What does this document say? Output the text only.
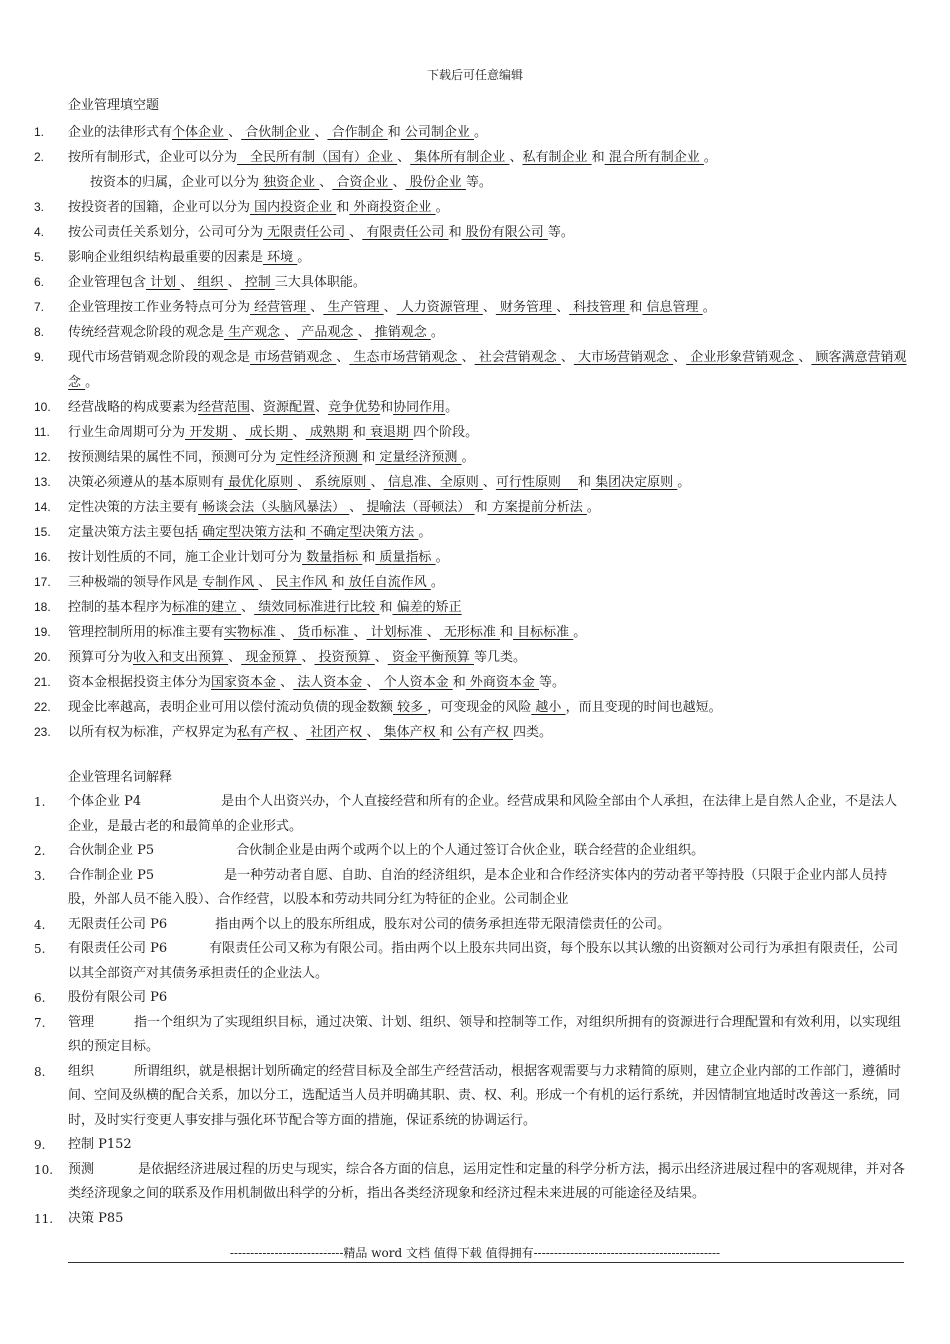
下载后可任意编辑
企业管理填空题
1. 企业的法律形式有个体企业 、 合伙制企业 、 合作制企 和 公司制企业 。
2. 按所有制形式，企业可以分为　全民所有制（国有）企业 、 集体所有制企业 、私有制企业 和 混合所有制企业 。
按资本的归属，企业可以分为 独资企业 、 合资企业 、 股份企业 等。
3. 按投资者的国籍，企业可以分为 国内投资企业 和 外商投资企业 。
4. 按公司责任关系划分，公司可分为 无限责任公司 、 有限责任公司 和 股份有限公司 等。
5. 影响企业组织结构最重要的因素是 环境 。
6. 企业管理包含 计划 、 组织 、 控制 三大具体职能。
7. 企业管理按工作业务特点可分为 经营管理 、 生产管理 、 人力资源管理 、 财务管理 、 科技管理 和 信息管理 。
8. 传统经营观念阶段的观念是 生产观念 、 产品观念 、 推销观念 。
9. 现代市场营销观念阶段的观念是 市场营销观念 、 生态市场营销观念 、 社会营销观念 、 大市场营销观念 、 企业形象营销观念 、 顾客满意营销观念 。
10. 经营战略的构成要素为经营范围、资源配置、竞争优势和协同作用。
11. 行业生命周期可分为 开发期 、 成长期 、 成熟期 和 衰退期 四个阶段。
12. 按预测结果的属性不同，预测可分为 定性经济预测 和 定量经济预测 。
13. 决策必须遵从的基本原则有 最优化原则 、 系统原则 、 信息准、全原则 、可行性原则　 和 集团决定原则 。
14. 定性决策的方法主要有 畅谈会法（头脑风暴法） 、 提喻法（哥顿法） 和 方案提前分析法 。
15. 定量决策方法主要包括 确定型决策方法和 不确定型决策方法 。
16. 按计划性质的不同，施工企业计划可分为 数量指标 和 质量指标 。
17. 三种极端的领导作风是 专制作风 、 民主作风 和 放任自流作风 。
18. 控制的基本程序为标准的建立 、 绩效同标准进行比较 和 偏差的矫正
19. 管理控制所用的标准主要有实物标准 、 货币标准 、 计划标准 、 无形标准 和 目标标准 。
20. 预算可分为收入和支出预算 、 现金预算 、 投资预算 、 资金平衡预算 等几类。
21. 资本金根据投资主体分为国家资本金 、 法人资本金 、 个人资本金 和 外商资本金 等。
22. 现金比率越高，表明企业可用以偿付流动负债的现金数额 较多 ，可变现金的风险 越小 ，而且变现的时间也越短。
23. 以所有权为标准，产权界定为私有产权 、 社团产权 、 集体产权 和 公有产权 四类。
企业管理名词解释
1. 个体企业 P4	是由个人出资兴办，个人直接经营和所有的企业。经营成果和风险全部由个人承担，在法律上是自然人企业，不是法人企业，是最古老的和最简单的企业形式。
2. 合伙制企业 P5	合伙制企业是由两个或两个以上的个人通过签订合伙企业，联合经营的企业组织。
3. 合作制企业 P5	是一种劳动者自愿、自助、自治的经济组织，是本企业和合作经济实体内的劳动者平等持股（只限于企业内部人员持股，外部人员不能入股）、合作经营，以股本和劳动共同分红为特征的企业。公司制企业
4. 无限责任公司 P6	指由两个以上的股东所组成，股东对公司的债务承担连带无限清偿责任的公司。
5. 有限责任公司 P6	有限责任公司又称为有限公司。指由两个以上股东共同出资，每个股东以其认缴的出资额对公司行为承担有限责任，公司以其全部资产对其债务承担责任的企业法人。
6. 股份有限公司 P6
7. 管理	指一个组织为了实现组织目标，通过决策、计划、组织、领导和控制等工作，对组织所拥有的资源进行合理配置和有效利用，以实现组织的预定目标。
8. 组织	所谓组织，就是根据计划所确定的经营目标及全部生产经营活动，根据客观需要与力求精简的原则，建立企业内部的工作部门，遵循时间、空间及纵横的配合关系，加以分工，选配适当人员并明确其职、责、权、利。形成一个有机的运行系统，并因情制宜地适时改善这一系统，同时，及时实行变更人事安排与强化环节配合等方面的措施，保证系统的协调运行。
9. 控制 P152
10. 预测	是依据经济进展过程的历史与现实，综合各方面的信息，运用定性和定量的科学分析方法，揭示出经济进展过程中的客观规律，并对各类经济现象之间的联系及作用机制做出科学的分析，指出各类经济现象和经济过程未来进展的可能途径及结果。
11. 决策 P85
----------------------------精品 word 文档 值得下载 值得拥有----------------------------------------------
